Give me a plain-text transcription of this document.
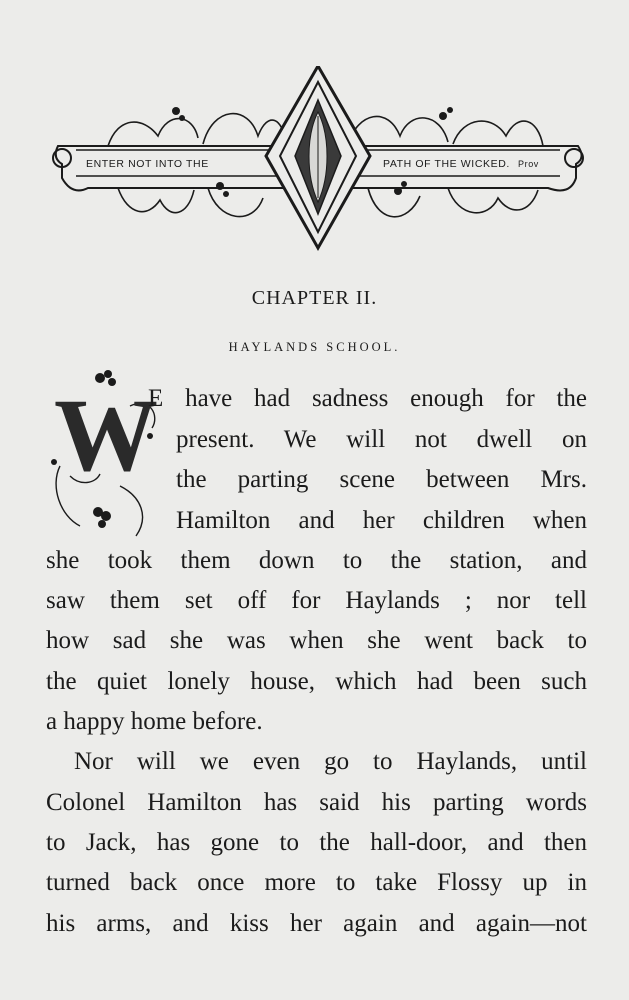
ENTER NOT INTO THE	PATH OF THE WICKED. Prov
CHAPTER II.
HAYLANDS SCHOOL.
W
E have had sadness enough for the
present. We will not dwell on
the parting scene between Mrs.
Hamilton and her children when
she took them down to the station, and
saw them set off for Haylands ; nor tell
how sad she was when she went back to
the quiet lonely house, which had been such
a happy home before.
Nor will we even go to Haylands, until
Colonel Hamilton has said his parting words
to Jack, has gone to the hall-door, and then
turned back once more to take Flossy up in
his arms, and kiss her again and again—not
